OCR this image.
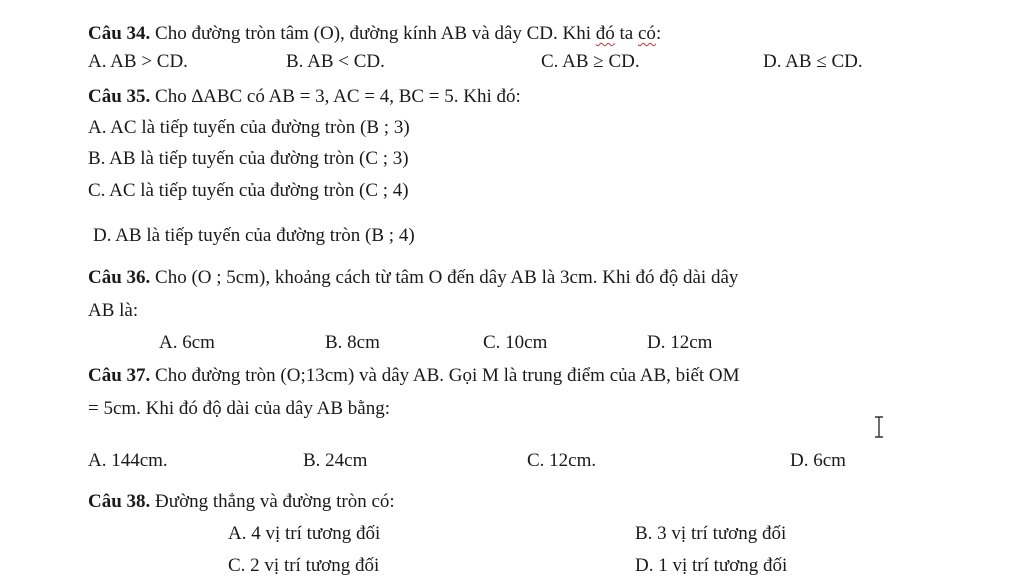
Câu 34. Cho đường tròn tâm (O), đường kính AB và dây CD. Khi đó ta có:
A. AB > CD.	B. AB < CD.	C. AB ≥ CD.	D. AB ≤ CD.
Câu 35. Cho ∆ABC có AB = 3, AC = 4, BC = 5. Khi đó:
A. AC là tiếp tuyến của đường tròn (B ; 3)
B. AB là tiếp tuyến của đường tròn (C ; 3)
C. AC là tiếp tuyến của đường tròn (C ; 4)
D. AB là tiếp tuyến của đường tròn (B ; 4)
Câu 36. Cho (O ; 5cm), khoảng cách từ tâm O đến dây AB là 3cm. Khi đó độ dài dây
AB là:
A. 6cm	B. 8cm	C. 10cm	D. 12cm
Câu 37. Cho đường tròn (O;13cm) và dây AB. Gọi M là trung điểm của AB, biết OM
= 5cm. Khi đó độ dài của dây AB bằng:
A. 144cm.	B. 24cm	C. 12cm.	D. 6cm
Câu 38. Đường thẳng và đường tròn có:
A. 4 vị trí tương đối	B. 3 vị trí tương đối
C. 2 vị trí tương đối	D. 1 vị trí tương đối
